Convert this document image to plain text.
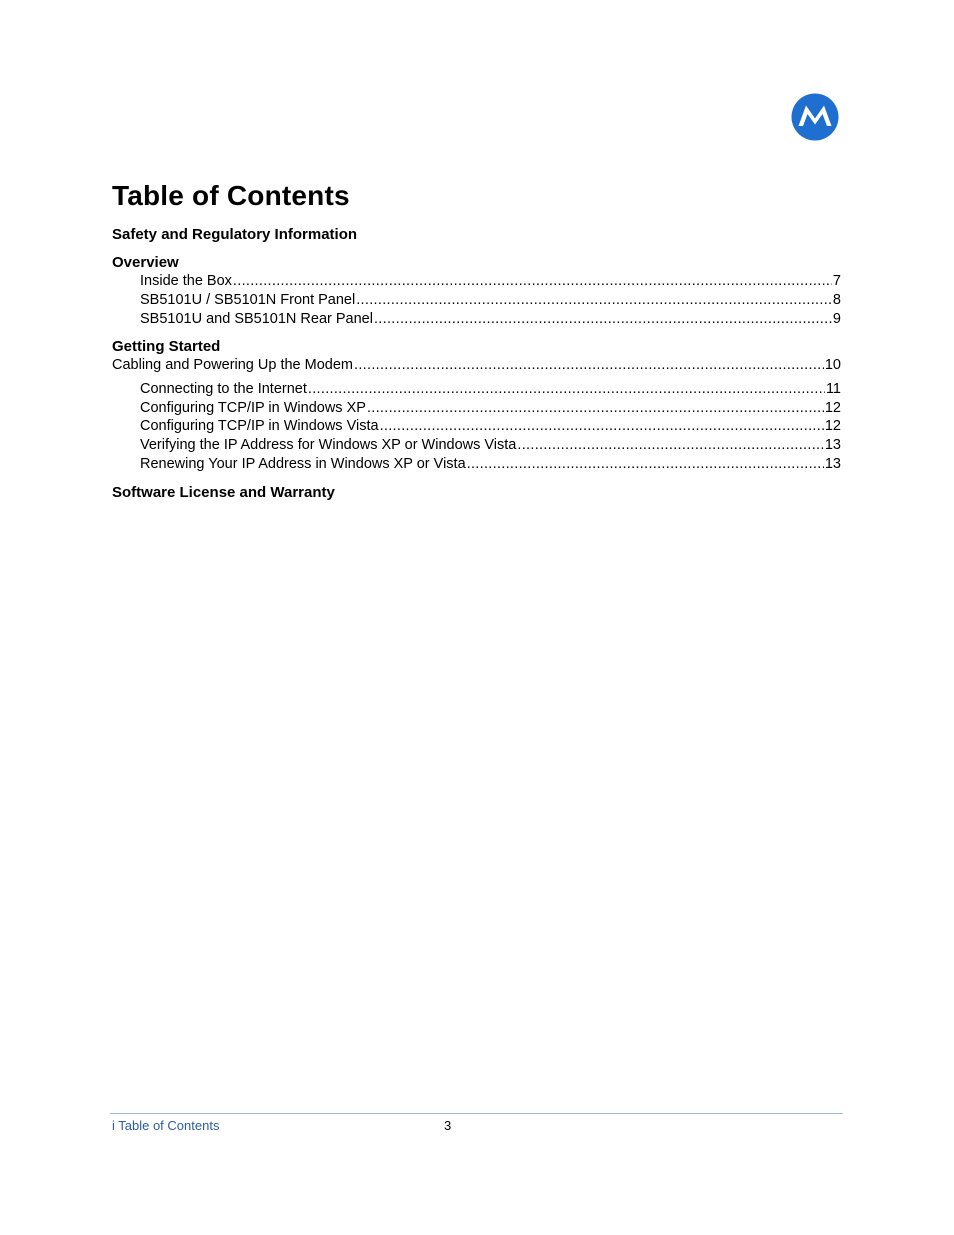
Table of Contents
Safety and Regulatory Information
Overview
Inside the Box .....	7
SB5101U / SB5101N Front Panel .....	8
SB5101U and SB5101N Rear Panel .....	9
Getting Started
Cabling and Powering Up the Modem .....	10
Connecting to the Internet .....	11
Configuring TCP/IP in Windows XP .....	12
Configuring TCP/IP in Windows Vista .....	12
Verifying the IP Address for Windows XP or Windows Vista .....	13
Renewing Your IP Address in Windows XP or Vista .....	13
Software License and Warranty
i Table of Contents	3
